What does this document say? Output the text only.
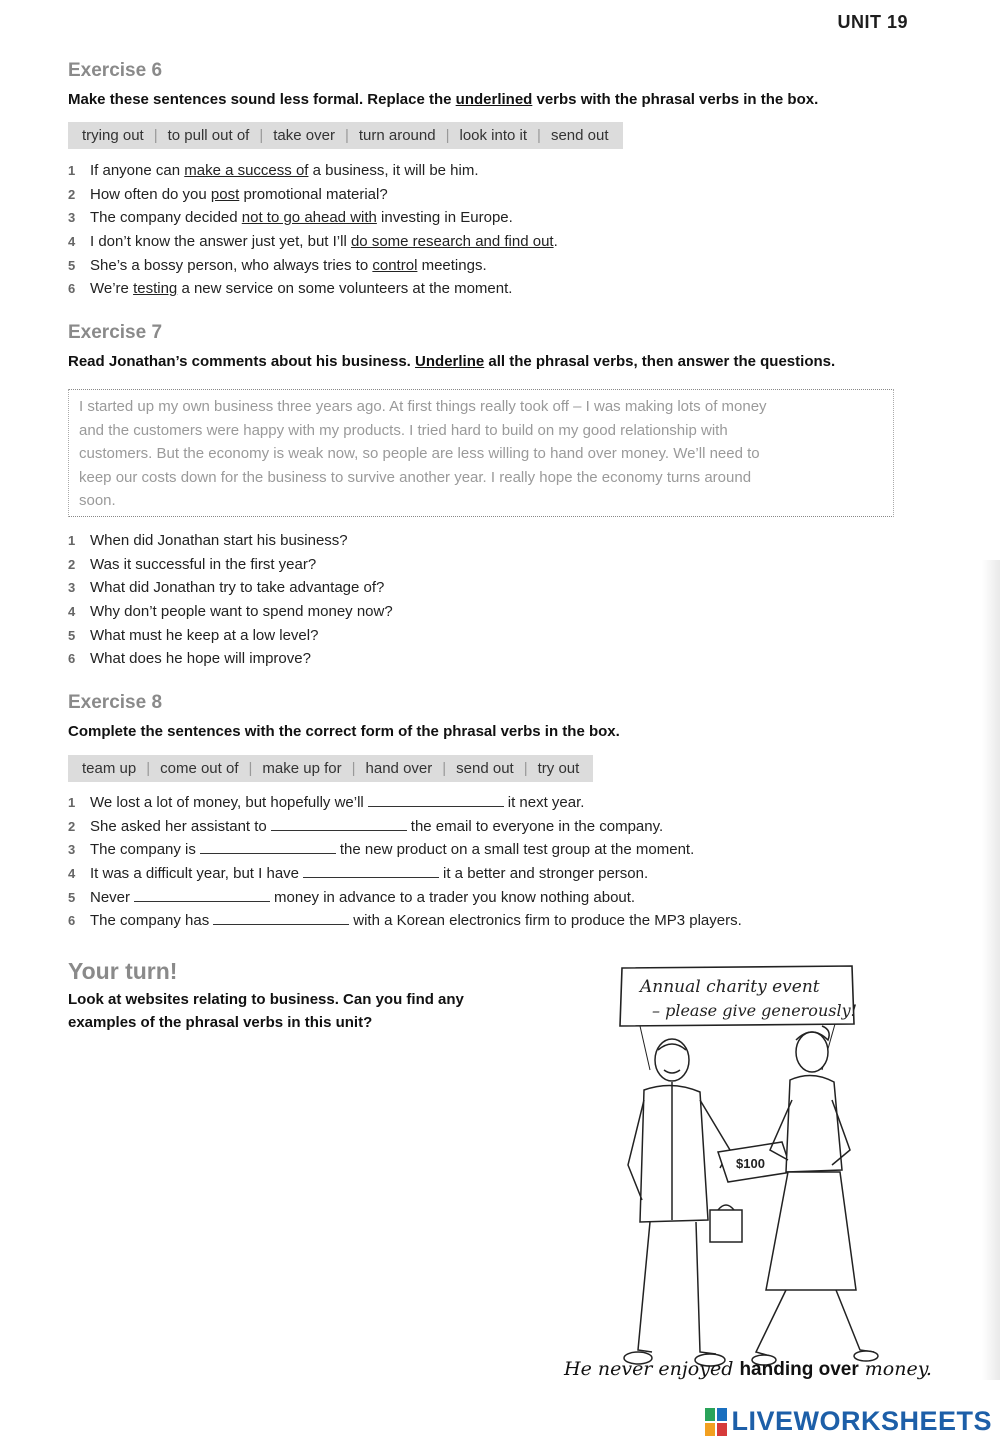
UNIT 19
Exercise 6
Make these sentences sound less formal. Replace the underlined verbs with the phrasal verbs in the box.
trying out | to pull out of | take over | turn around | look into it | send out
1 If anyone can make a success of a business, it will be him.
2 How often do you post promotional material?
3 The company decided not to go ahead with investing in Europe.
4 I don’t know the answer just yet, but I’ll do some research and find out.
5 She’s a bossy person, who always tries to control meetings.
6 We’re testing a new service on some volunteers at the moment.
Exercise 7
Read Jonathan’s comments about his business. Underline all the phrasal verbs, then answer the questions.
I started up my own business three years ago. At first things really took off – I was making lots of money
and the customers were happy with my products. I tried hard to build on my good relationship with
customers. But the economy is weak now, so people are less willing to hand over money. We’ll need to
keep our costs down for the business to survive another year. I really hope the economy turns around
soon.
1 When did Jonathan start his business?
2 Was it successful in the first year?
3 What did Jonathan try to take advantage of?
4 Why don’t people want to spend money now?
5 What must he keep at a low level?
6 What does he hope will improve?
Exercise 8
Complete the sentences with the correct form of the phrasal verbs in the box.
team up | come out of | make up for | hand over | send out | try out
1 We lost a lot of money, but hopefully we’ll	it next year.
2 She asked her assistant to	the email to everyone in the company.
3 The company is	the new product on a small test group at the moment.
4 It was a difficult year, but I have	it a better and stronger person.
5 Never	money in advance to a trader you know nothing about.
6 The company has	with a Korean electronics firm to produce the MP3 players.
Your turn!
Look at websites relating to business. Can you find any examples of the phrasal verbs in this unit?
Annual charity event
– please give generously!
$100
He never enjoyed handing over money.
LIVEWORKSHEETS
